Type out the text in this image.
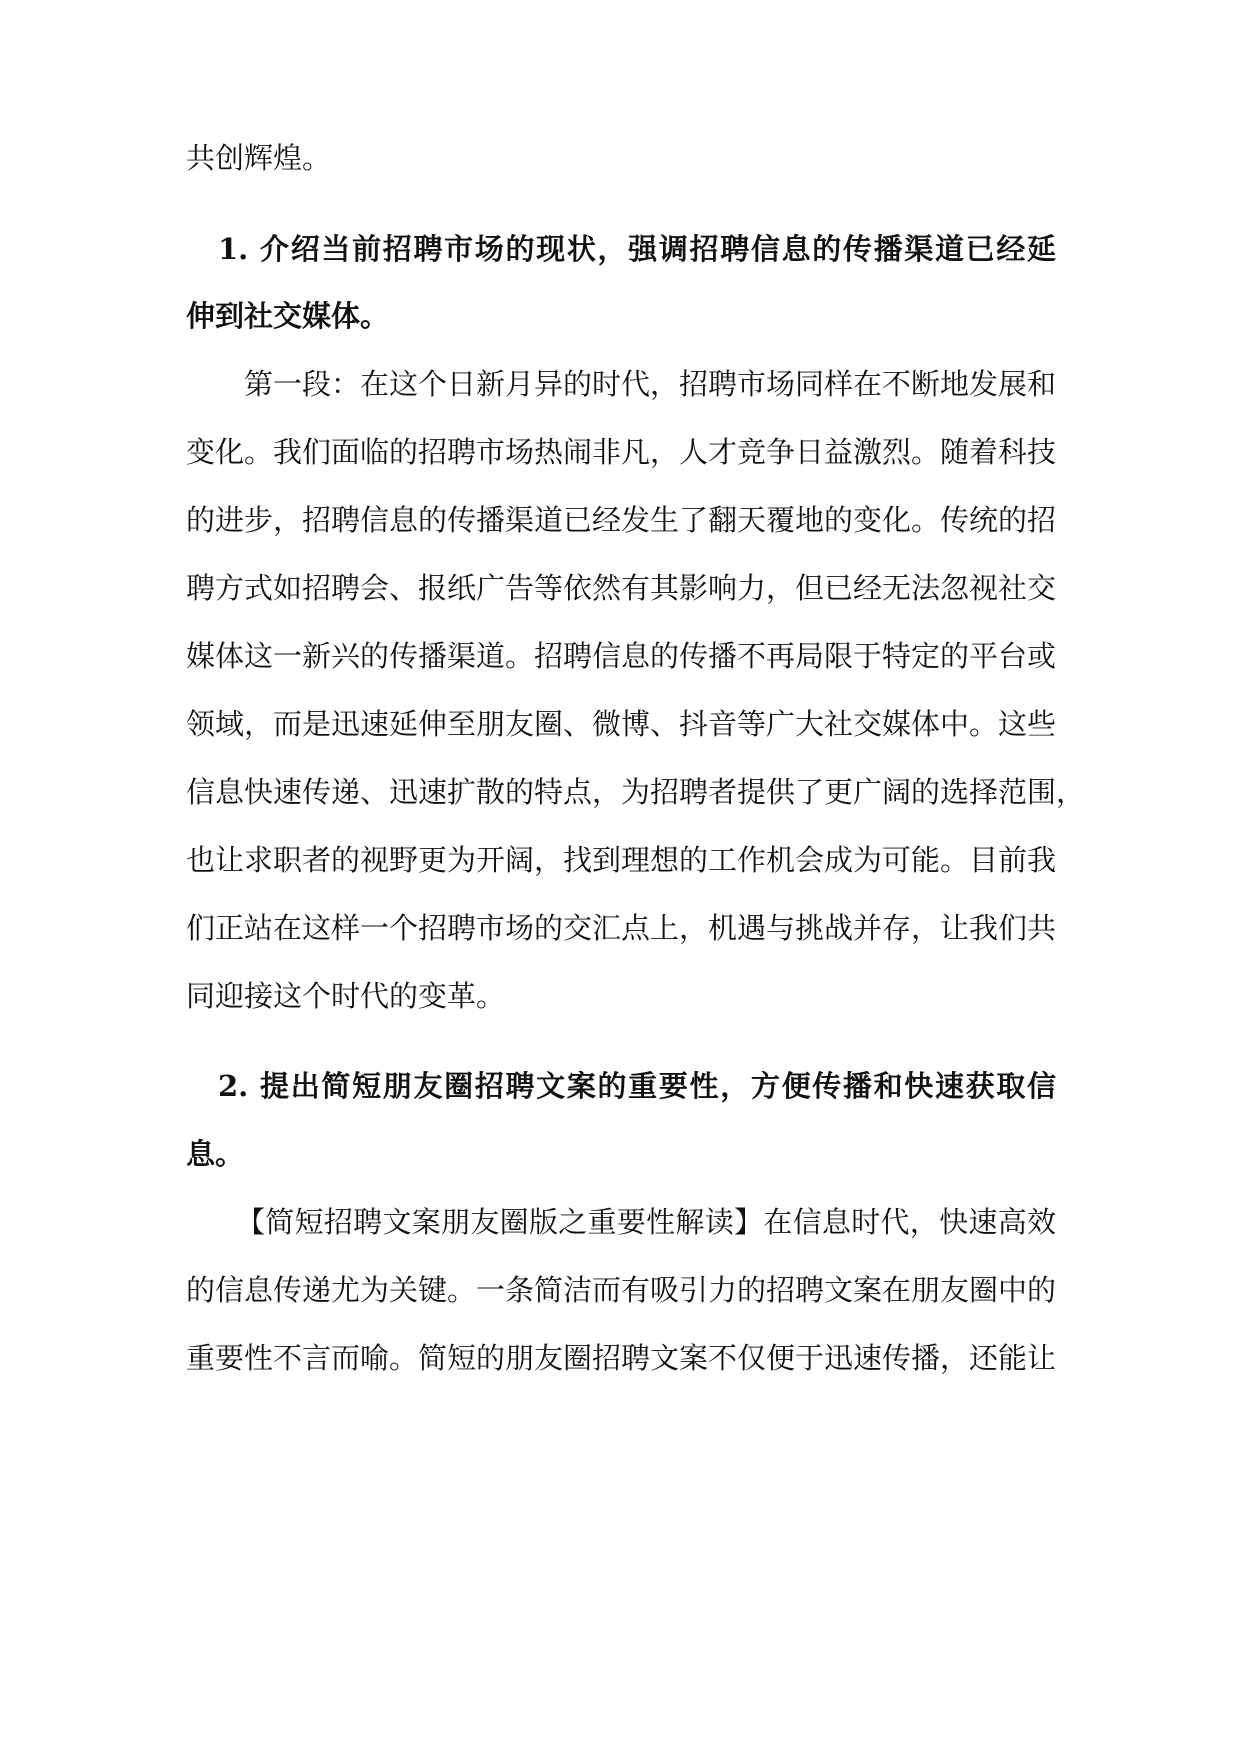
共创辉煌。
1. 介绍当前招聘市场的现状，强调招聘信息的传播渠道已经延
伸到社交媒体。
第一段：在这个日新月异的时代，招聘市场同样在不断地发展和
变化。我们面临的招聘市场热闹非凡，人才竞争日益激烈。随着科技
的进步，招聘信息的传播渠道已经发生了翻天覆地的变化。传统的招
聘方式如招聘会、报纸广告等依然有其影响力，但已经无法忽视社交
媒体这一新兴的传播渠道。招聘信息的传播不再局限于特定的平台或
领域，而是迅速延伸至朋友圈、微博、抖音等广大社交媒体中。这些
信息快速传递、迅速扩散的特点，为招聘者提供了更广阔的选择范围，
也让求职者的视野更为开阔，找到理想的工作机会成为可能。目前我
们正站在这样一个招聘市场的交汇点上，机遇与挑战并存，让我们共
同迎接这个时代的变革。
2. 提出简短朋友圈招聘文案的重要性，方便传播和快速获取信
息。
【简短招聘文案朋友圈版之重要性解读】在信息时代，快速高效
的信息传递尤为关键。一条简洁而有吸引力的招聘文案在朋友圈中的
重要性不言而喻。简短的朋友圈招聘文案不仅便于迅速传播，还能让
